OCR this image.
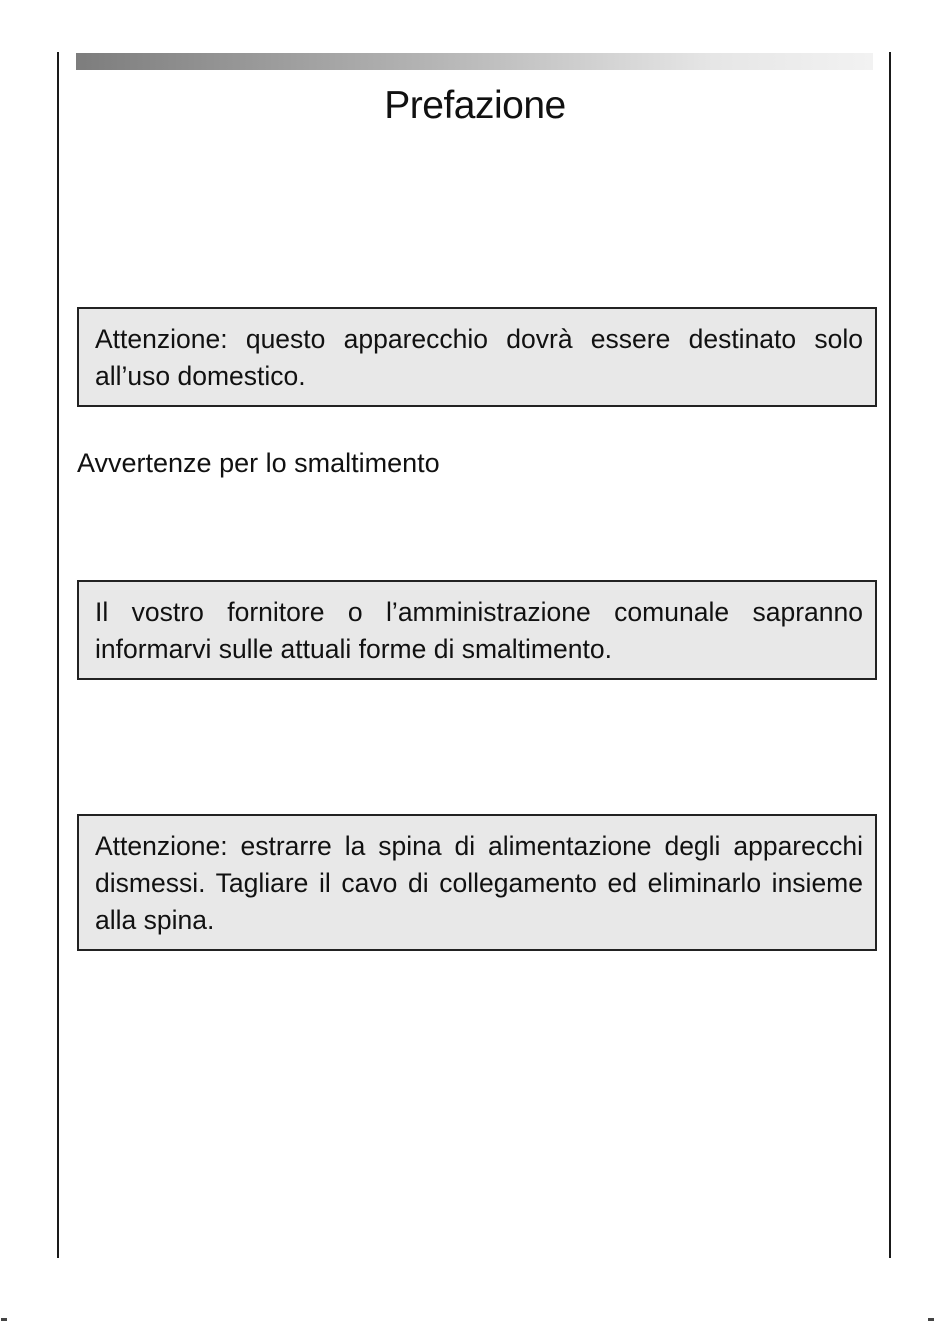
Prefazione
Attenzione: questo apparecchio dovrà essere destinato solo all’uso domestico.
Avvertenze per lo smaltimento
Il vostro fornitore o l’amministrazione comunale sapranno informarvi sulle attuali forme di smaltimento.
Attenzione: estrarre la spina di alimentazione degli apparecchi dismessi. Tagliare il cavo di collegamento ed eliminarlo insieme alla spina.
